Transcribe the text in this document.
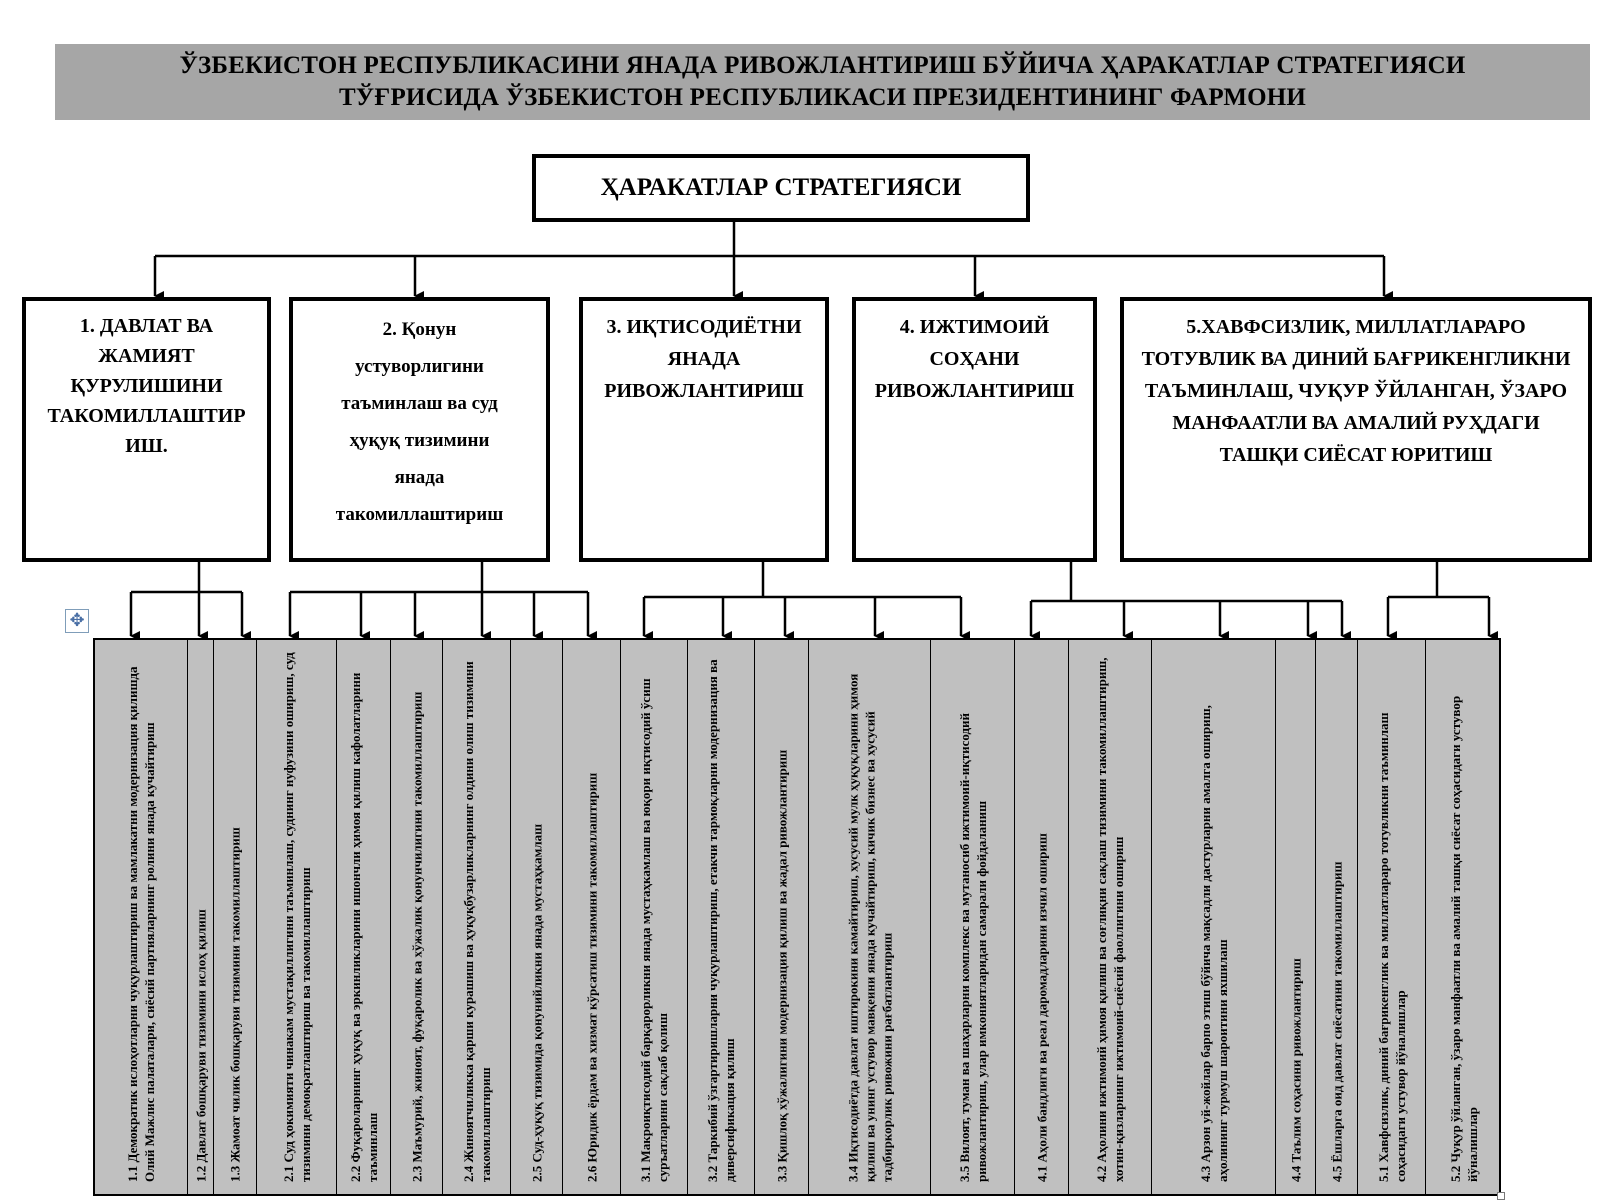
ЎЗБЕКИСТОН РЕСПУБЛИКАСИНИ ЯНАДА РИВОЖЛАНТИРИШ БЎЙИЧА ҲАРАКАТЛАР СТРАТЕГИЯСИ
ТЎҒРИСИДА ЎЗБЕКИСТОН РЕСПУБЛИКАСИ ПРЕЗИДЕНТИНИНГ ФАРМОНИ
ҲАРАКАТЛАР СТРАТЕГИЯСИ
1. ДАВЛАТ ВА
ЖАМИЯТ
ҚУРУЛИШИНИ
ТАКОМИЛЛАШТИР
ИШ.
2. Қонун
устуворлигини
таъминлаш ва суд
ҳуқуқ тизимини
янада
такомиллаштириш
3. ИҚТИСОДИЁТНИ
ЯНАДА
РИВОЖЛАНТИРИШ
4. ИЖТИМОИЙ
СОҲАНИ
РИВОЖЛАНТИРИШ
5.ХАВФСИЗЛИК, МИЛЛАТЛАРАРО
ТОТУВЛИК ВА ДИНИЙ БАҒРИКЕНГЛИКНИ
ТАЪМИНЛАШ, ЧУҚУР ЎЙЛАНГАН, ЎЗАРО
МАНФААТЛИ ВА АМАЛИЙ РУҲДАГИ
ТАШҚИ СИЁСАТ ЮРИТИШ
✥
1.1 Демократик ислоҳотларни чуқурлаштириш ва мамлакатни модернизация қилишда Олий Мажлис палаталари, сиёсий партияларнинг ролини янада кучайтириш	1.2 Давлат бошқаруви тизимини ислоҳ қилиш 1.3 Жамоат чилик бошқаруви тизимини такомиллаштириш	2.1 Суд ҳокимияти чинакам мустақиллигини таъминлаш, суднинг нуфузини ошириш, суд тизимини демократлаштириш ва такомиллаштириш	2.2 Фуқароларнинг ҳуқуқ ва эркинликларини ишончли ҳимоя қилиш кафолатларини таъминлаш 2.3 Маъмурий, жиноят, фуқаролик ва хўжалик қонунчилигини такомиллаштириш	2.4 Жиноятчиликка қарши курашиш ва ҳуқуқбузарликларнинг олдини олиш тизимини такомиллаштириш	2.5 Суд-ҳуқуқ тизимида қонунийликни янада мустаҳкамлаш	2.6 Юридик ёрдам ва хизмат кўрсатиш тизимини такомиллаштириш	3.1 Макроиқтисодий барқарорликни янада мустаҳкамлаш ва юқори иқтисодий ўсиш суръатларини сақлаб қолиш	3.2 Таркибий ўзгартиришларни чуқурлаштириш, етакчи тармоқларни модернизация ва диверсификация қилиш	3.3 Қишлоқ хўжалигини модернизация қилиш ва жадал ривожлантириш	3.4 Иқтисодиётда давлат иштирокини камайтириш, хусусий мулк ҳуқуқларини ҳимоя қилиш ва унинг устувор мавқеини янада кучайтириш, кичик бизнес ва хусусий тадбиркорлик ривожини рағбатлантириш	3.5 Вилоят, туман ва шаҳарларни комплекс ва мутаносиб ижтимоий-иқтисодий ривожлантириш, улар имкониятларидан самарали фойдаланиш	4.1 Аҳоли бандлиги ва реал даромадларини изчил ошириш	4.2 Аҳолини ижтимоий ҳимоя қилиш ва соғлиқни сақлаш тизимини такомиллаштириш, хотин-қизларнинг ижтимоий-сиёсий фаоллигини ошириш	4.3 Арзон уй-жойлар барпо этиш бўйича мақсадли дастурларни амалга ошириш, аҳолининг турмуш шароитини яхшилаш	4.4 Таълим соҳасини ривожлантириш 4.5 Ёшларга оид давлат сиёсатини такомиллаштириш 5.1 Хавфсизлик, диний бағрикенглик ва миллатлараро тотувликни таъминлаш соҳасидаги устувор йўналишлар	5.2 Чуқур ўйланган, ўзаро манфаатли ва амалий ташқи сиёсат соҳасидаги устувор йўналишлар
